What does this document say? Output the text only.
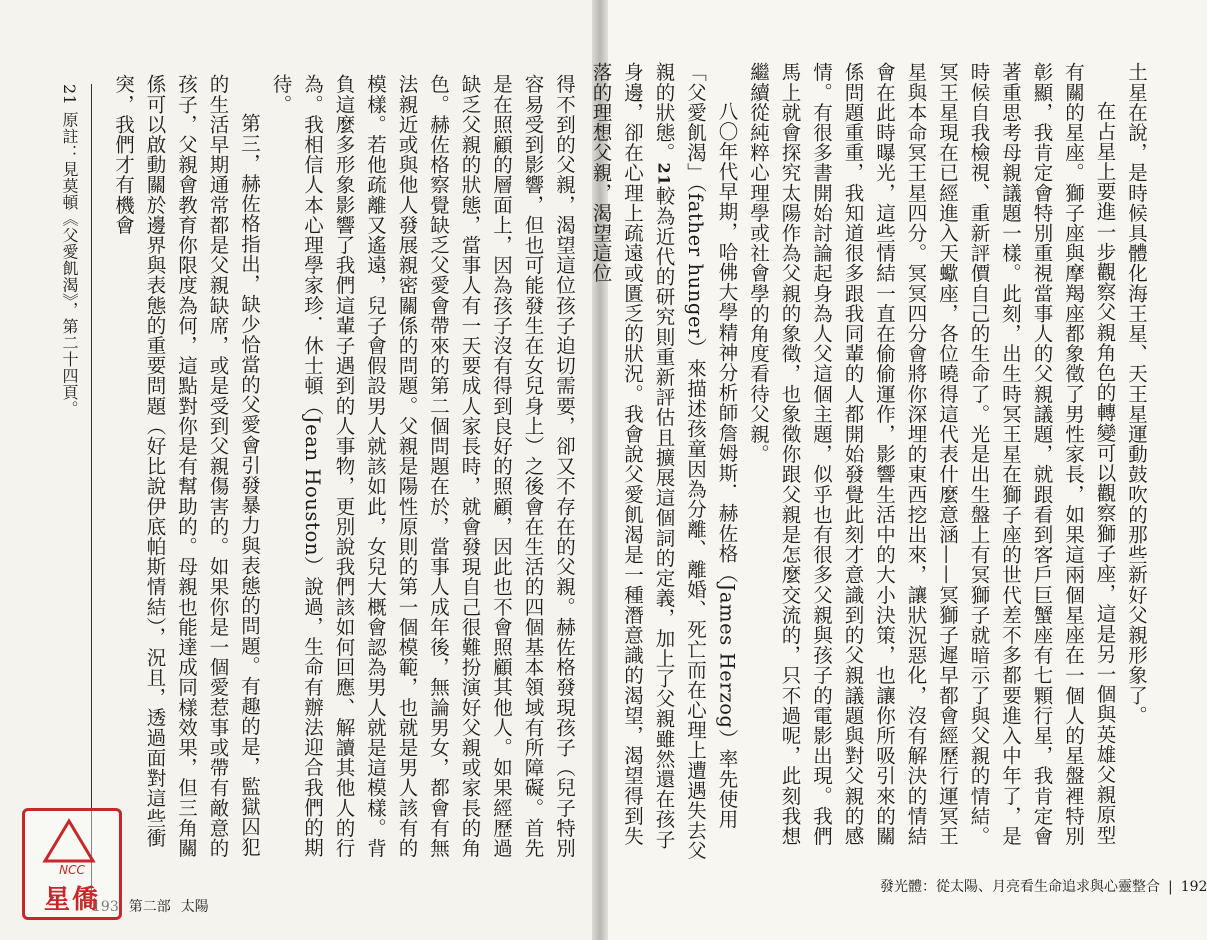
土星在說，是時候具體化海王星、天王星運動鼓吹的那些新好父親形象了。

在占星上要進一步觀察父親角色的轉變可以觀察獅子座，這是另一個與英雄父親原型有關的星座。獅子座與摩羯座都象徵了男性家長，如果這兩個星座在一個人的星盤裡特別彰顯，我肯定會特別重視當事人的父親議題，就跟看到客戶巨蟹座有七顆行星，我肯定會著重思考母親議題一樣。此刻，出生時冥王星在獅子座的世代差不多都要進入中年了，是時候自我檢視、重新評價自己的生命了。光是出生盤上有冥獅子就暗示了與父親的情結。冥王星現在已經進入天蠍座，各位曉得這代表什麼意涵——冥獅子遲早都會經歷行運冥王星與本命冥王星四分。冥冥四分會將你深埋的東西挖出來，讓狀況惡化，沒有解決的情結會在此時曝光，這些情結一直在偷偷運作，影響生活中的大小決策，也讓你所吸引來的關係問題重重，我知道很多跟我同輩的人都開始發覺此刻才意識到的父親議題與對父親的感情。有很多書開始討論起身為人父這個主題，似乎也有很多父親與孩子的電影出現。我們馬上就會探究太陽作為父親的象徵，也象徵你跟父親是怎麼交流的，只不過呢，此刻我想繼續從純粹心理學或社會學的角度看待父親。

八〇年代早期，哈佛大學精神分析師詹姆斯．赫佐格（James Herzog）率先使用「父愛飢渴」（father hunger）來描述孩童因為分離、離婚、死亡而在心理上遭遇失去父親的狀態。21較為近代的研究則重新評估且擴展這個詞的定義，加上了父親雖然還在孩子身邊，卻在心理上疏遠或匱乏的狀況。我會說父愛飢渴是一種潛意識的渴望，渴望得到失落的理想父親，渴望這位

發光體：從太陽、月亮看生命追求與心靈整合 | 192
21原註：見莫頓《父愛飢渴》，第二十四頁。	得不到的父親，渴望這位孩子迫切需要，卻又不存在的父親。赫佐格發現孩子（兒子特別容易受到影響，但也可能發生在女兒身上）之後會在生活的四個基本領域有所障礙。首先是在照顧的層面上，因為孩子沒有得到良好的照顧，因此也不會照顧其他人。如果經歷過缺乏父親的狀態，當事人有一天要成人家長時，就會發現自己很難扮演好父親或家長的角色。赫佐格察覺缺乏父愛會帶來的第二個問題在於，當事人成年後，無論男女，都會有無法親近或與他人發展親密關係的問題。父親是陽性原則的第一個模範，也就是男人該有的模樣。若他疏離又遙遠，兒子會假設男人就該如此，女兒大概會認為男人就是這模樣。背負這麼多形象影響了我們這輩子遇到的人事物，更別說我們該如何回應、解讀其他人的行為。我相信人本心理學家珍．休士頓（Jean Houston）說過，生命有辦法迎合我們的期待。

第三，赫佐格指出，缺少恰當的父愛會引發暴力與表態的問題。有趣的是，監獄囚犯的生活早期通常都是父親缺席，或是受到父親傷害的。如果你是一個愛惹事或帶有敵意的孩子，父親會教育你限度為何，這點對你是有幫助的。母親也能達成同樣效果，但三角關係可以啟動關於邊界與表態的重要問題（好比說伊底帕斯情結），況且，透過面對這些衝突，我們才有機會

193 第二部 太陽
NCC
星僑
